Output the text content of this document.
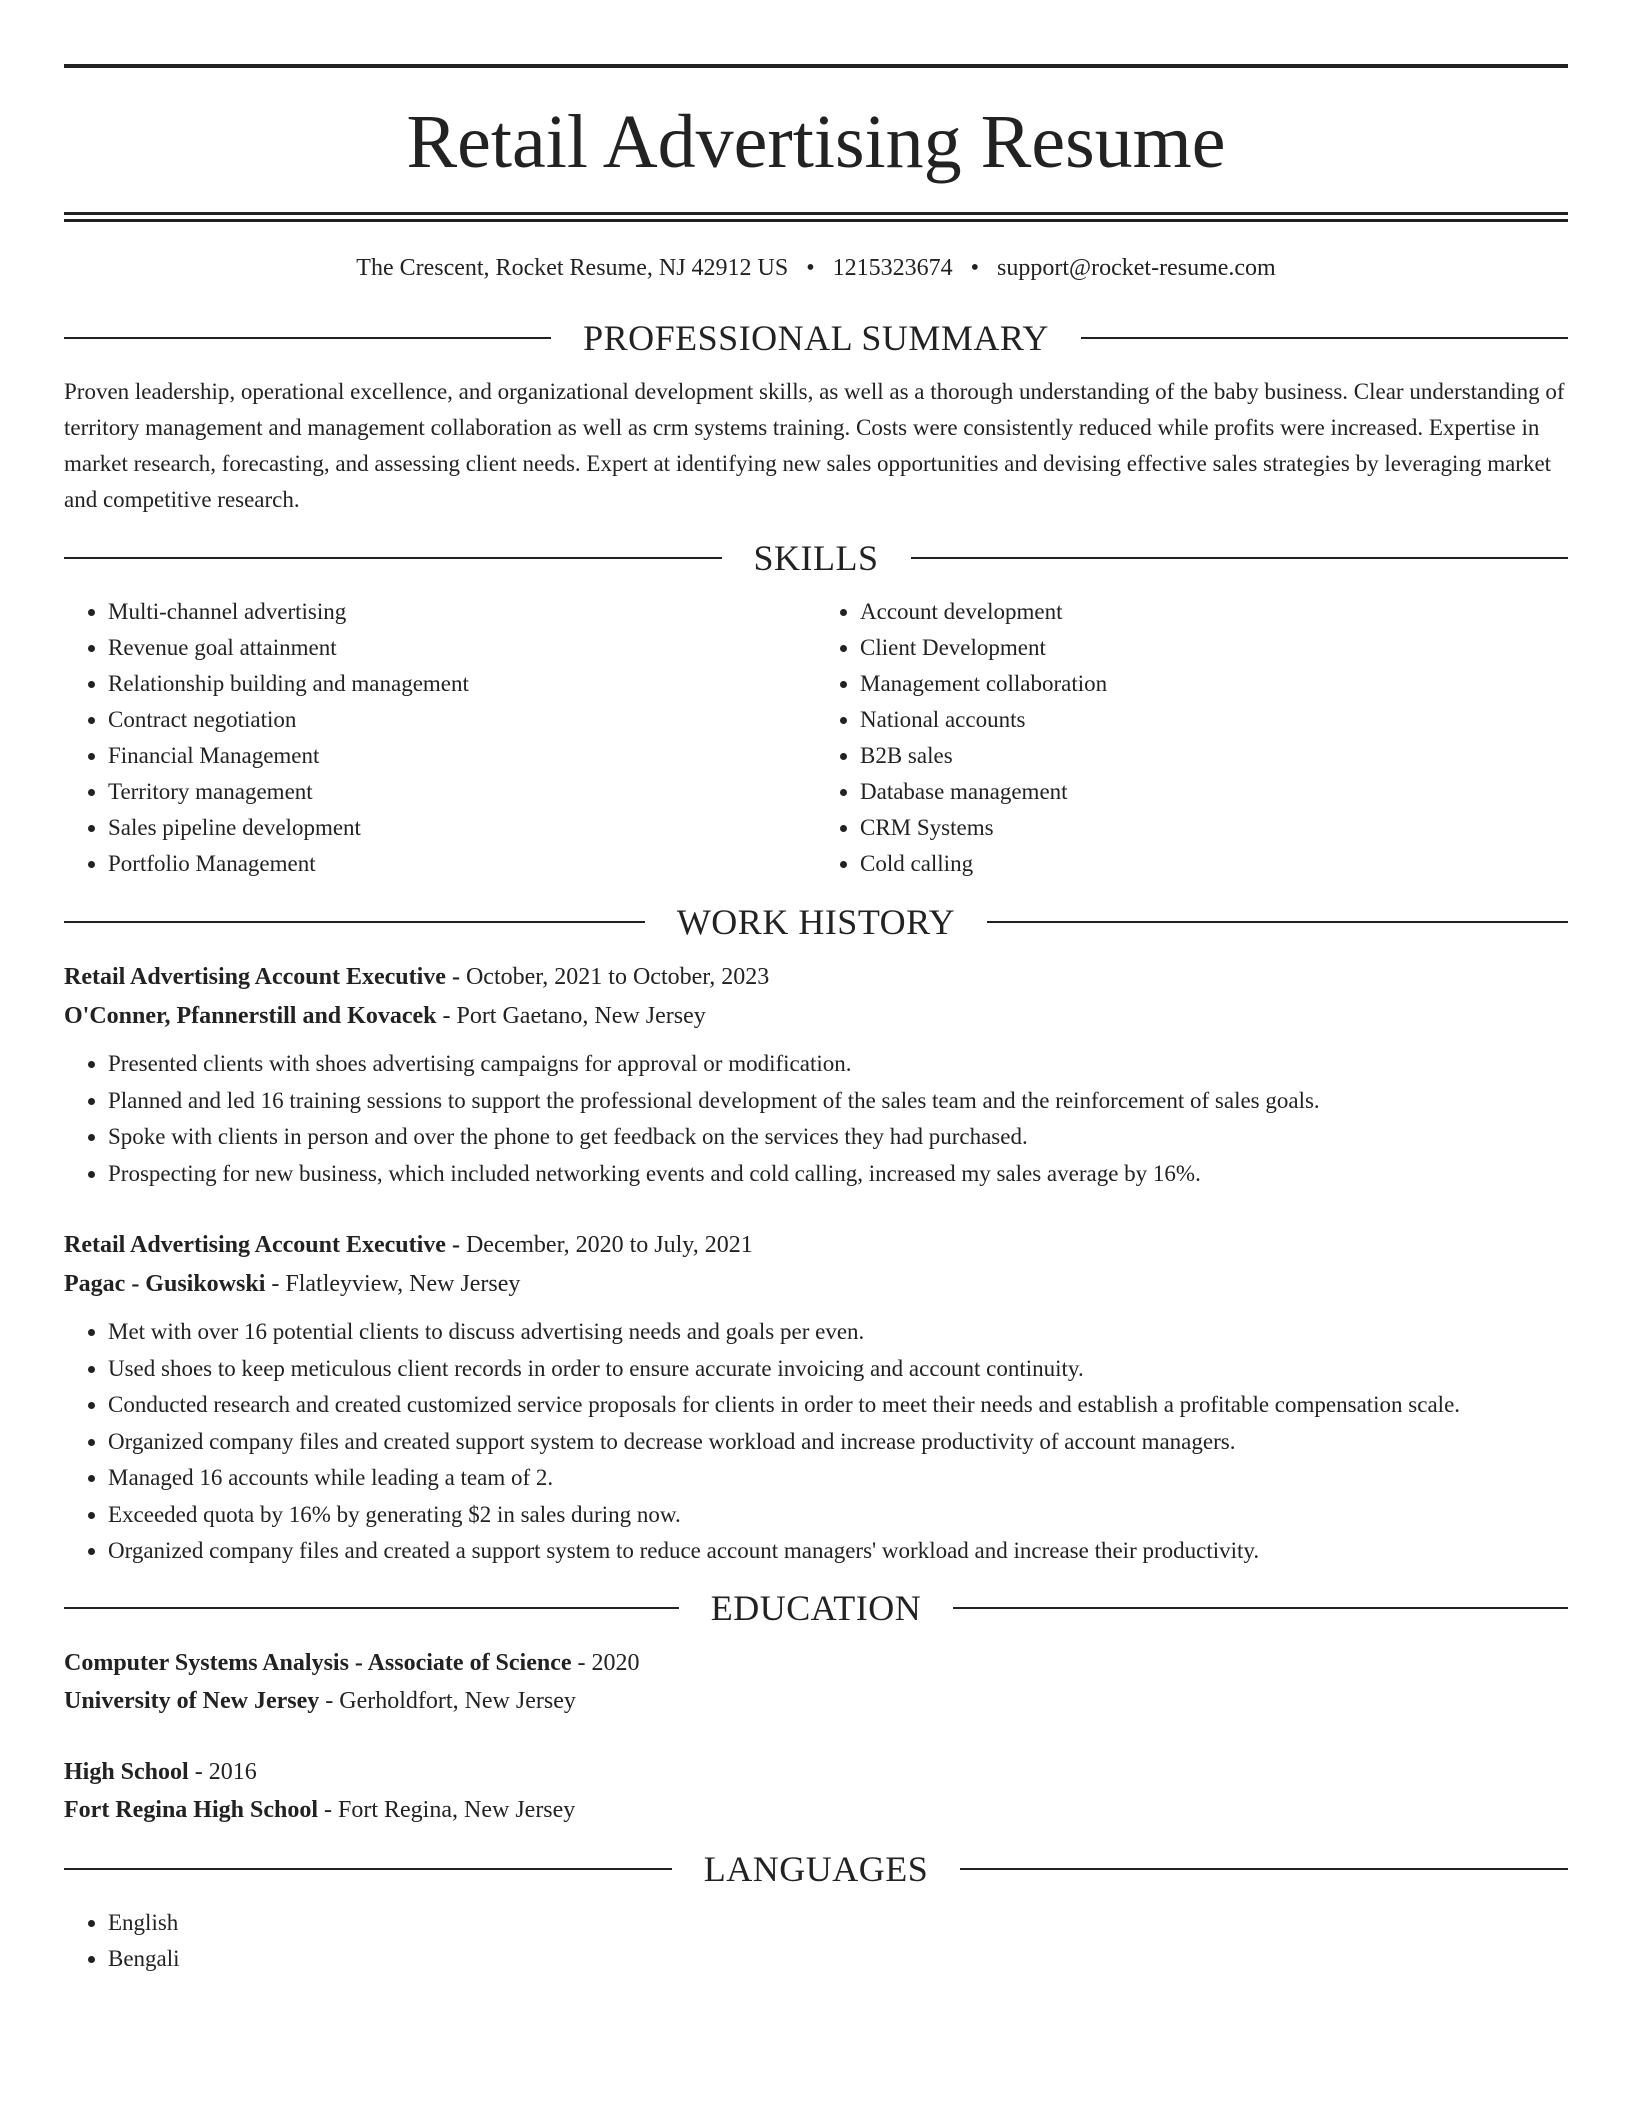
Retail Advertising Resume
The Crescent, Rocket Resume, NJ 42912 US • 1215323674 • support@rocket-resume.com
PROFESSIONAL SUMMARY

Proven leadership, operational excellence, and organizational development skills, as well as a thorough understanding of the baby business. Clear understanding of territory management and management collaboration as well as crm systems training. Costs were consistently reduced while profits were increased. Expertise in market research, forecasting, and assessing client needs. Expert at identifying new sales opportunities and devising effective sales strategies by leveraging market and competitive research.

SKILLS
• Multi-channel advertising
• Revenue goal attainment
• Relationship building and management
• Contract negotiation
• Financial Management
• Territory management
• Sales pipeline development
• Portfolio Management
• Account development
• Client Development
• Management collaboration
• National accounts
• B2B sales
• Database management
• CRM Systems
• Cold calling
WORK HISTORY
Retail Advertising Account Executive - October, 2021 to October, 2023
O'Conner, Pfannerstill and Kovacek - Port Gaetano, New Jersey
• Presented clients with shoes advertising campaigns for approval or modification.
• Planned and led 16 training sessions to support the professional development of the sales team and the reinforcement of sales goals.
• Spoke with clients in person and over the phone to get feedback on the services they had purchased.
• Prospecting for new business, which included networking events and cold calling, increased my sales average by 16%.
Retail Advertising Account Executive - December, 2020 to July, 2021
Pagac - Gusikowski - Flatleyview, New Jersey
• Met with over 16 potential clients to discuss advertising needs and goals per even.
• Used shoes to keep meticulous client records in order to ensure accurate invoicing and account continuity.
• Conducted research and created customized service proposals for clients in order to meet their needs and establish a profitable compensation scale.
• Organized company files and created support system to decrease workload and increase productivity of account managers.
• Managed 16 accounts while leading a team of 2.
• Exceeded quota by 16% by generating $2 in sales during now.
• Organized company files and created a support system to reduce account managers' workload and increase their productivity.
EDUCATION
Computer Systems Analysis - Associate of Science - 2020
University of New Jersey - Gerholdfort, New Jersey
High School - 2016
Fort Regina High School - Fort Regina, New Jersey
LANGUAGES
• English
• Bengali
